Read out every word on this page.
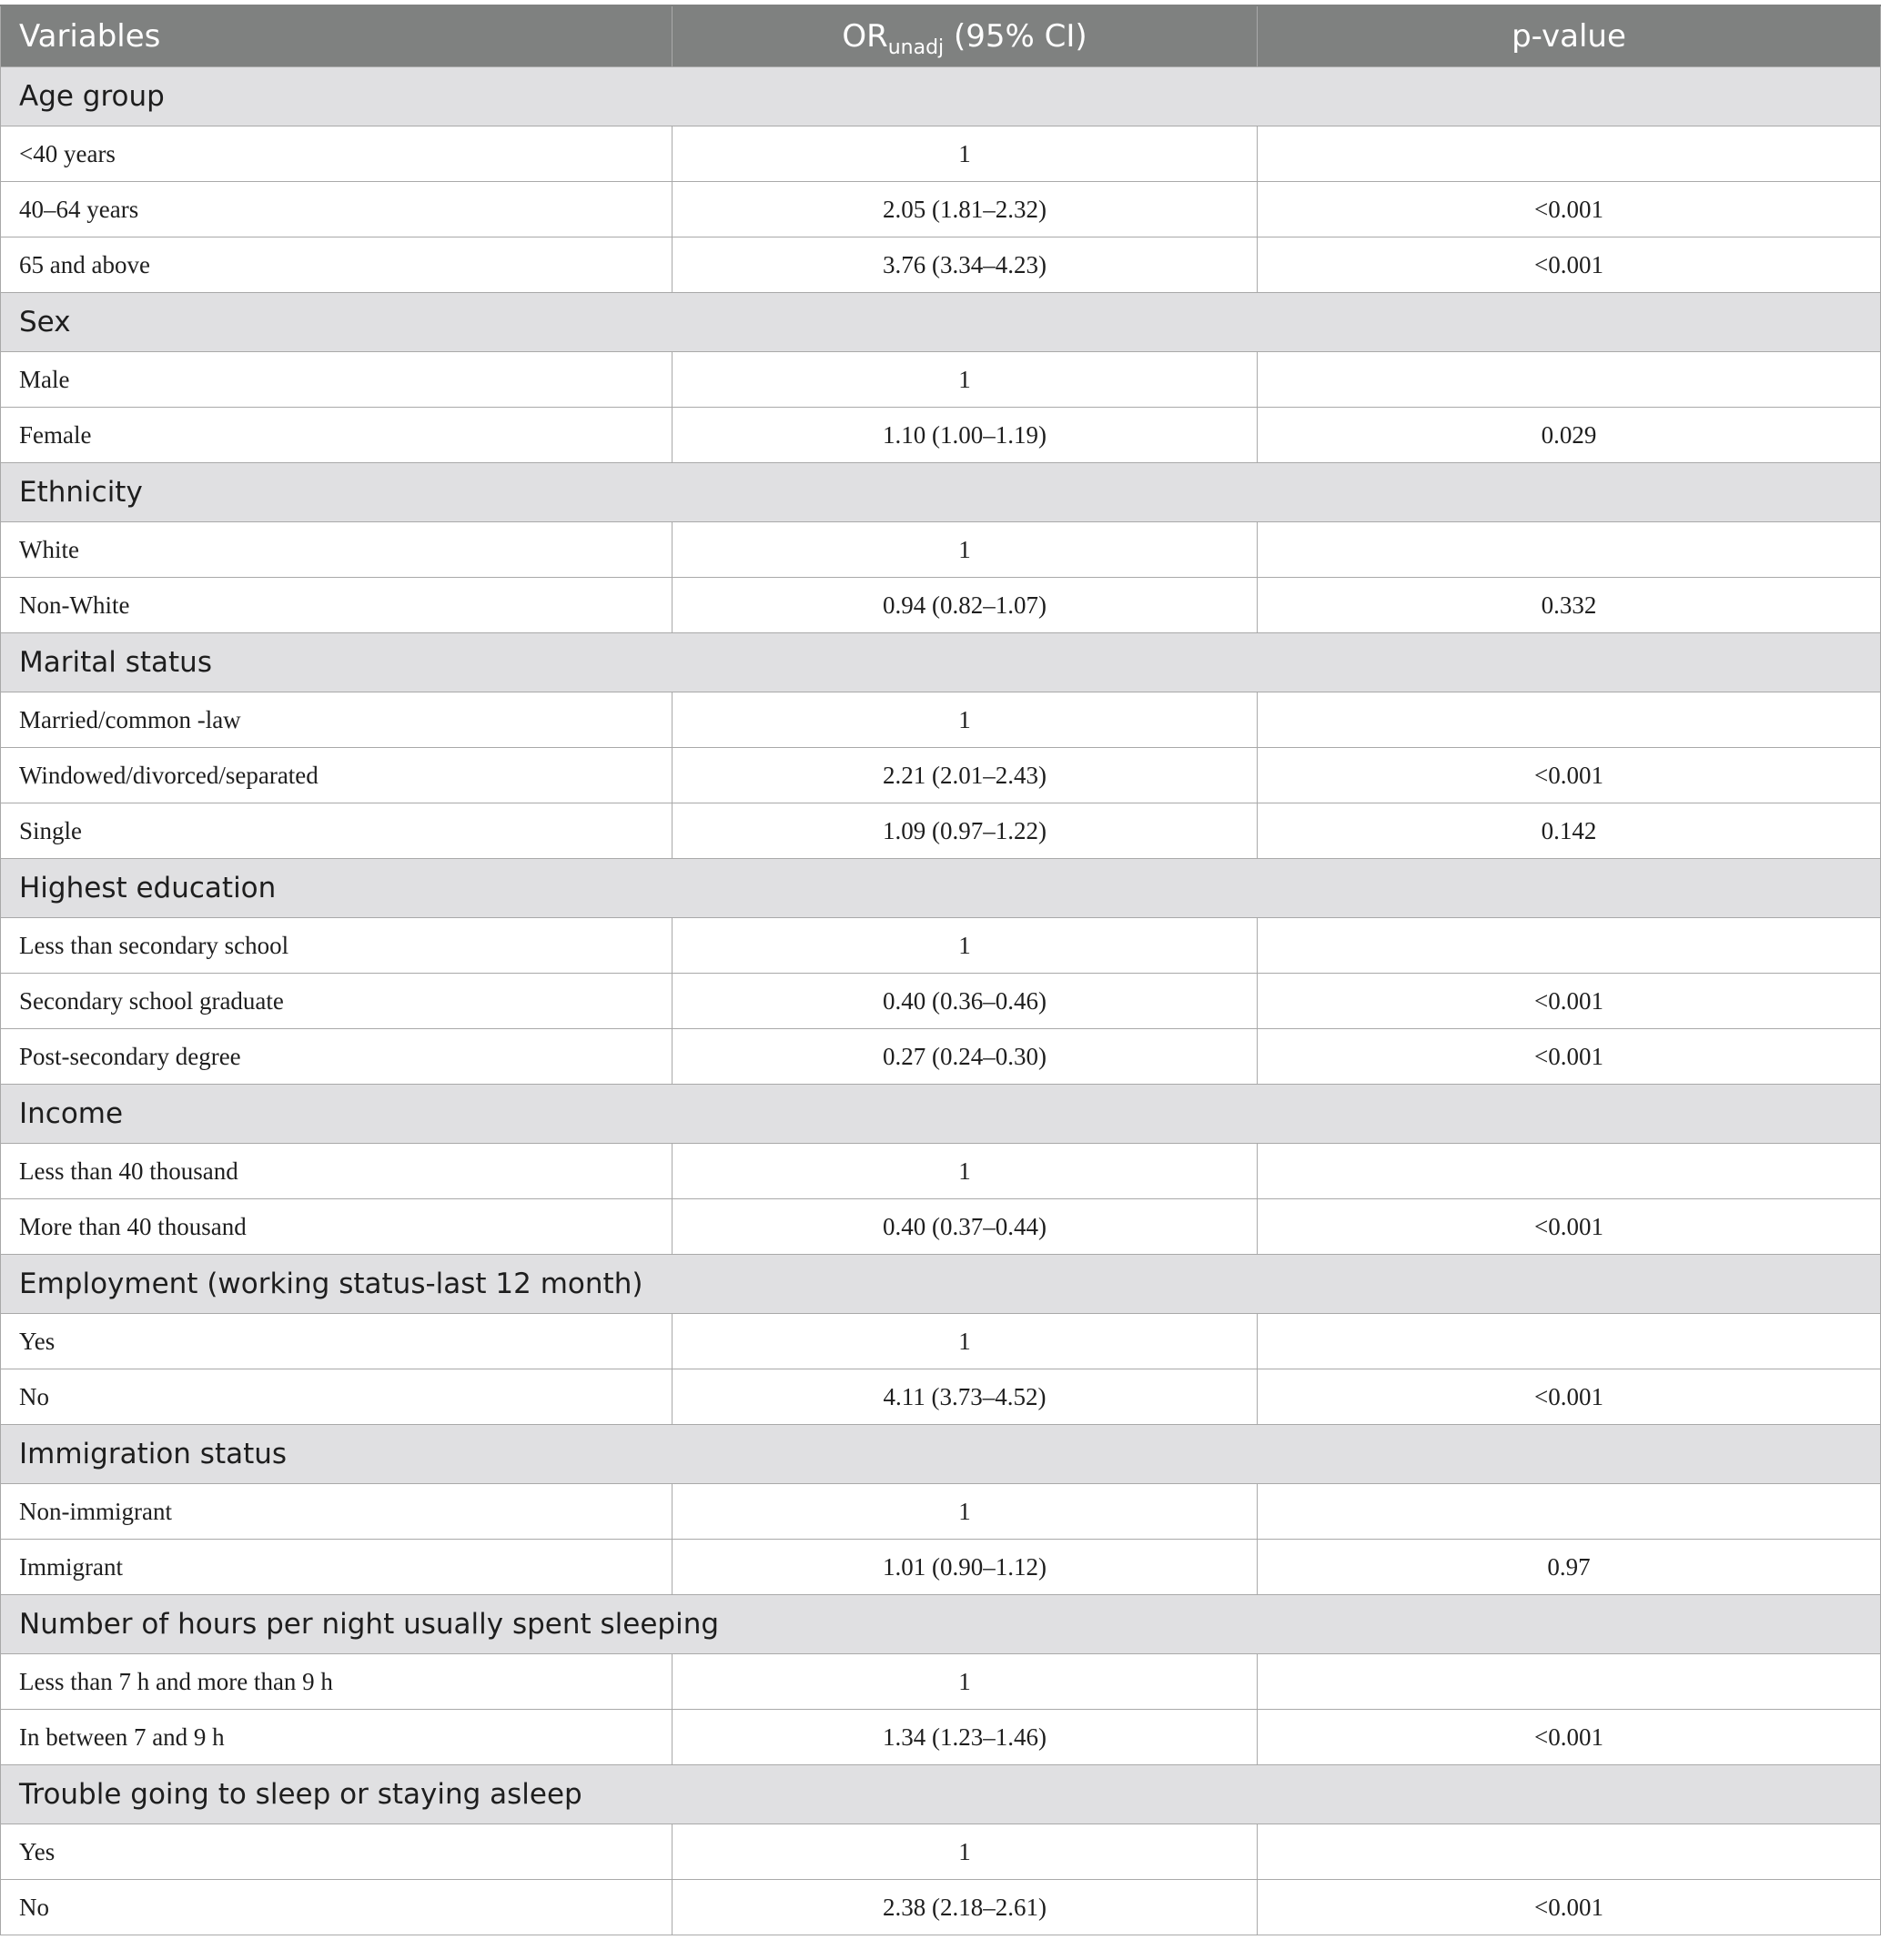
Variables	$OR_{unadj}$ (95% CI)	p-value
Age group		
<40 years	1	
40–64 years	2.05 (1.81–2.32)	<0.001
65 and above	3.76 (3.34–4.23)	<0.001
Sex		
Male	1	
Female	1.10 (1.00–1.19)	0.029
Ethnicity		
White	1	
Non-White	0.94 (0.82–1.07)	0.332
Marital status		
Married/common -law	1	
Windowed/divorced/separated	2.21 (2.01–2.43)	<0.001
Single	1.09 (0.97–1.22)	0.142
Highest education		
Less than secondary school	1	
Secondary school graduate	0.40 (0.36–0.46)	<0.001
Post-secondary degree	0.27 (0.24–0.30)	<0.001
Income		
Less than 40 thousand	1	
More than 40 thousand	0.40 (0.37–0.44)	<0.001
Employment (working status-last 12 month)		
Yes	1	
No	4.11 (3.73–4.52)	<0.001
Immigration status		
Non-immigrant	1	
Immigrant	1.01 (0.90–1.12)	0.97
Number of hours per night usually spent sleeping		
Less than 7 h and more than 9 h	1	
In between 7 and 9 h	1.34 (1.23–1.46)	<0.001
Trouble going to sleep or staying asleep		
Yes	1	
No	2.38 (2.18–2.61)	<0.001
